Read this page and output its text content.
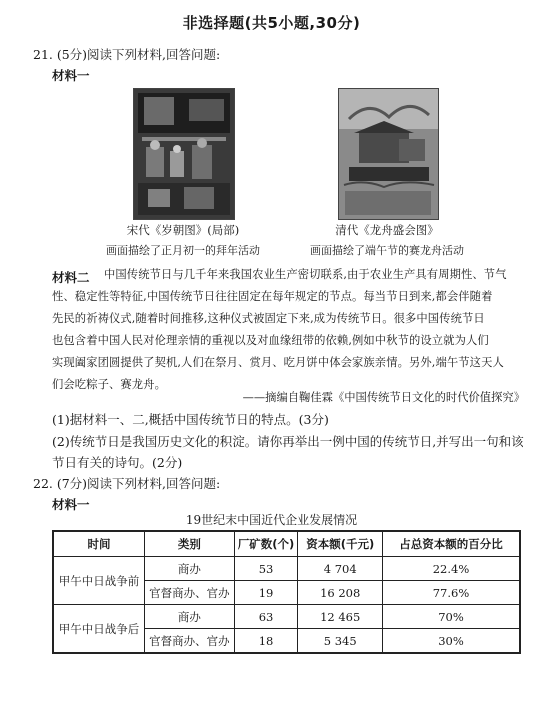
非选择题(共5小题,30分)
21. (5分)阅读下列材料,回答问题:
材料一
宋代《岁朝图》(局部)
画面描绘了正月初一的拜年活动
清代《龙舟盛会图》
画面描绘了端午节的赛龙舟活动
材料二 中国传统节日与几千年来我国农业生产密切联系,由于农业生产具有周期性、节气
性、稳定性等特征,中国传统节日往往固定在每年规定的节点。每当节日到来,都会伴随着
先民的祈祷仪式,随着时间推移,这种仪式被固定下来,成为传统节日。很多中国传统节日
也包含着中国人民对伦理亲情的重视以及对血缘纽带的依赖,例如中秋节的设立就为人们
实现阖家团圆提供了契机,人们在祭月、赏月、吃月饼中体会家族亲情。另外,端午节这天人
们会吃粽子、赛龙舟。
——摘编自鞠佳霖《中国传统节日文化的时代价值探究》
(1)据材料一、二,概括中国传统节日的特点。(3分)
(2)传统节日是我国历史文化的积淀。请你再举出一例中国的传统节日,并写出一句和该
节日有关的诗句。(2分)
22. (7分)阅读下列材料,回答问题:
材料一
19世纪末中国近代企业发展情况
时间	类别	厂矿数(个)	资本额(千元)	占总资本额的百分比
甲午中日战争前	商办	53	4 704	22.4%
	官督商办、官办	19	16 208	77.6%
甲午中日战争后	商办	63	12 465	70%
	官督商办、官办	18	5 345	30%
